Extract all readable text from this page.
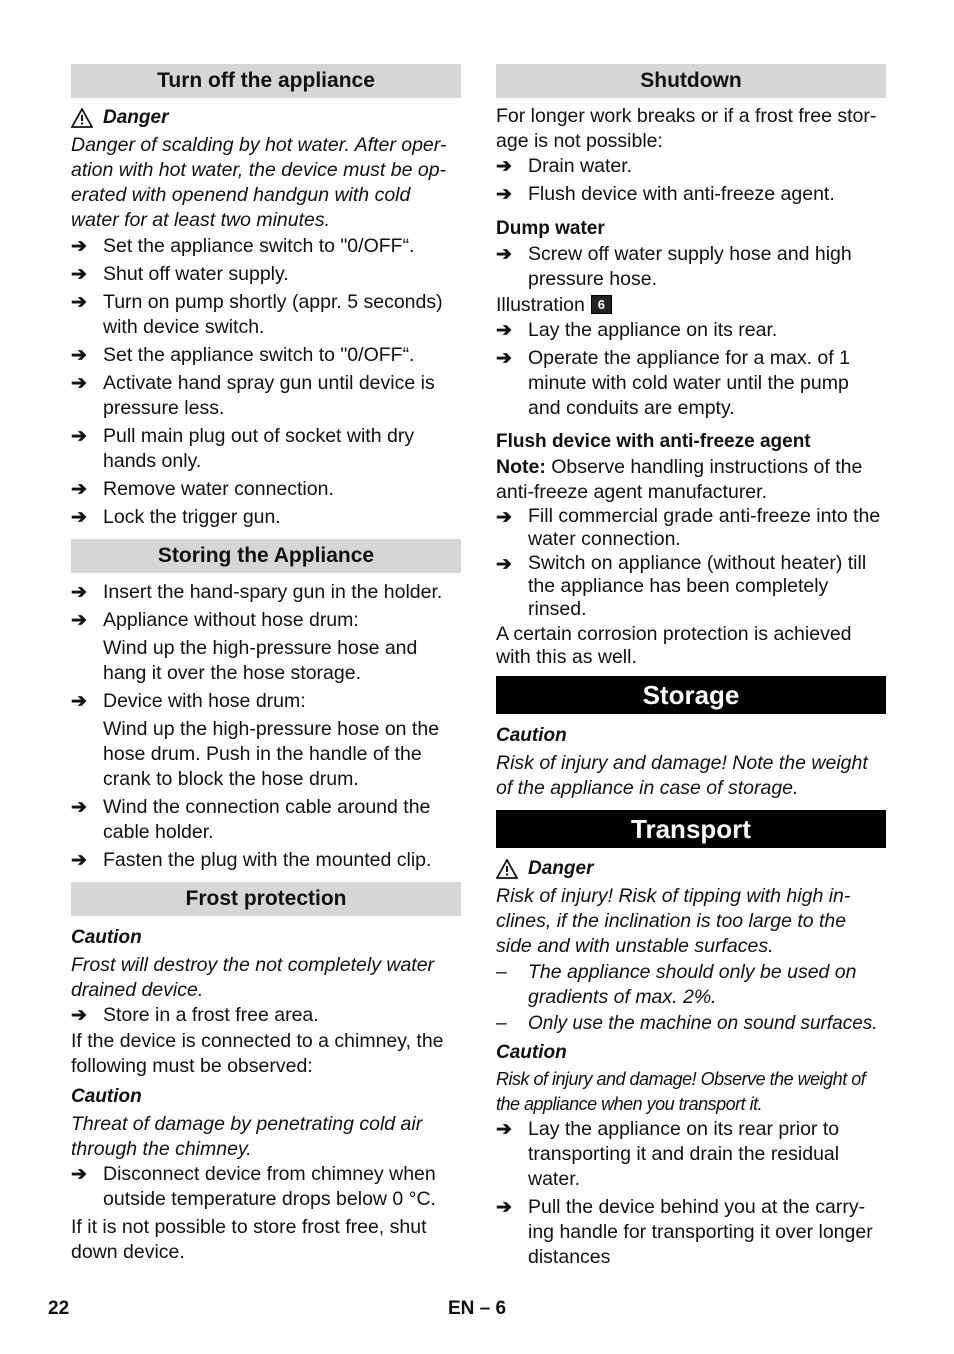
Turn off the appliance
Danger
Danger of scalding by hot water. After oper-ation with hot water, the device must be op-erated with openend handgun with cold water for at least two minutes.
➔ Set the appliance switch to "0/OFF“.
➔ Shut off water supply.
➔ Turn on pump shortly (appr. 5 seconds) with device switch.
➔ Set the appliance switch to "0/OFF“.
➔ Activate hand spray gun until device is pressure less.
➔ Pull main plug out of socket with dry hands only.
➔ Remove water connection.
➔ Lock the trigger gun.
Storing the Appliance
➔ Insert the hand-spary gun in the holder.
➔ Appliance without hose drum:
Wind up the high-pressure hose and hang it over the hose storage.
➔ Device with hose drum:
Wind up the high-pressure hose on the hose drum. Push in the handle of the crank to block the hose drum.
➔ Wind the connection cable around the cable holder.
➔ Fasten the plug with the mounted clip.
Frost protection
Caution
Frost will destroy the not completely water drained device.
➔ Store in a frost free area.
If the device is connected to a chimney, the following must be observed:
Caution
Threat of damage by penetrating cold air through the chimney.
➔ Disconnect device from chimney when outside temperature drops below 0 °C.
If it is not possible to store frost free, shut down device.
Shutdown
For longer work breaks or if a frost free stor-age is not possible:
➔ Drain water.
➔ Flush device with anti-freeze agent.
Dump water
➔ Screw off water supply hose and high pressure hose.
Illustration 6
➔ Lay the appliance on its rear.
➔ Operate the appliance for a max. of 1 minute with cold water until the pump and conduits are empty.
Flush device with anti-freeze agent
Note: Observe handling instructions of the anti-freeze agent manufacturer.
➔ Fill commercial grade anti-freeze into the water connection.
➔ Switch on appliance (without heater) till the appliance has been completely rinsed.
A certain corrosion protection is achieved with this as well.
Storage
Caution
Risk of injury and damage! Note the weight of the appliance in case of storage.
Transport
Danger
Risk of injury! Risk of tipping with high in-clines, if the inclination is too large to the side and with unstable surfaces.
–	The appliance should only be used on gradients of max. 2%.
–	Only use the machine on sound surfaces.
Caution
Risk of injury and damage! Observe the weight of the appliance when you transport it.
➔ Lay the appliance on its rear prior to transporting it and drain the residual water.
➔ Pull the device behind you at the carry-ing handle for transporting it over longer distances
22	EN – 6
